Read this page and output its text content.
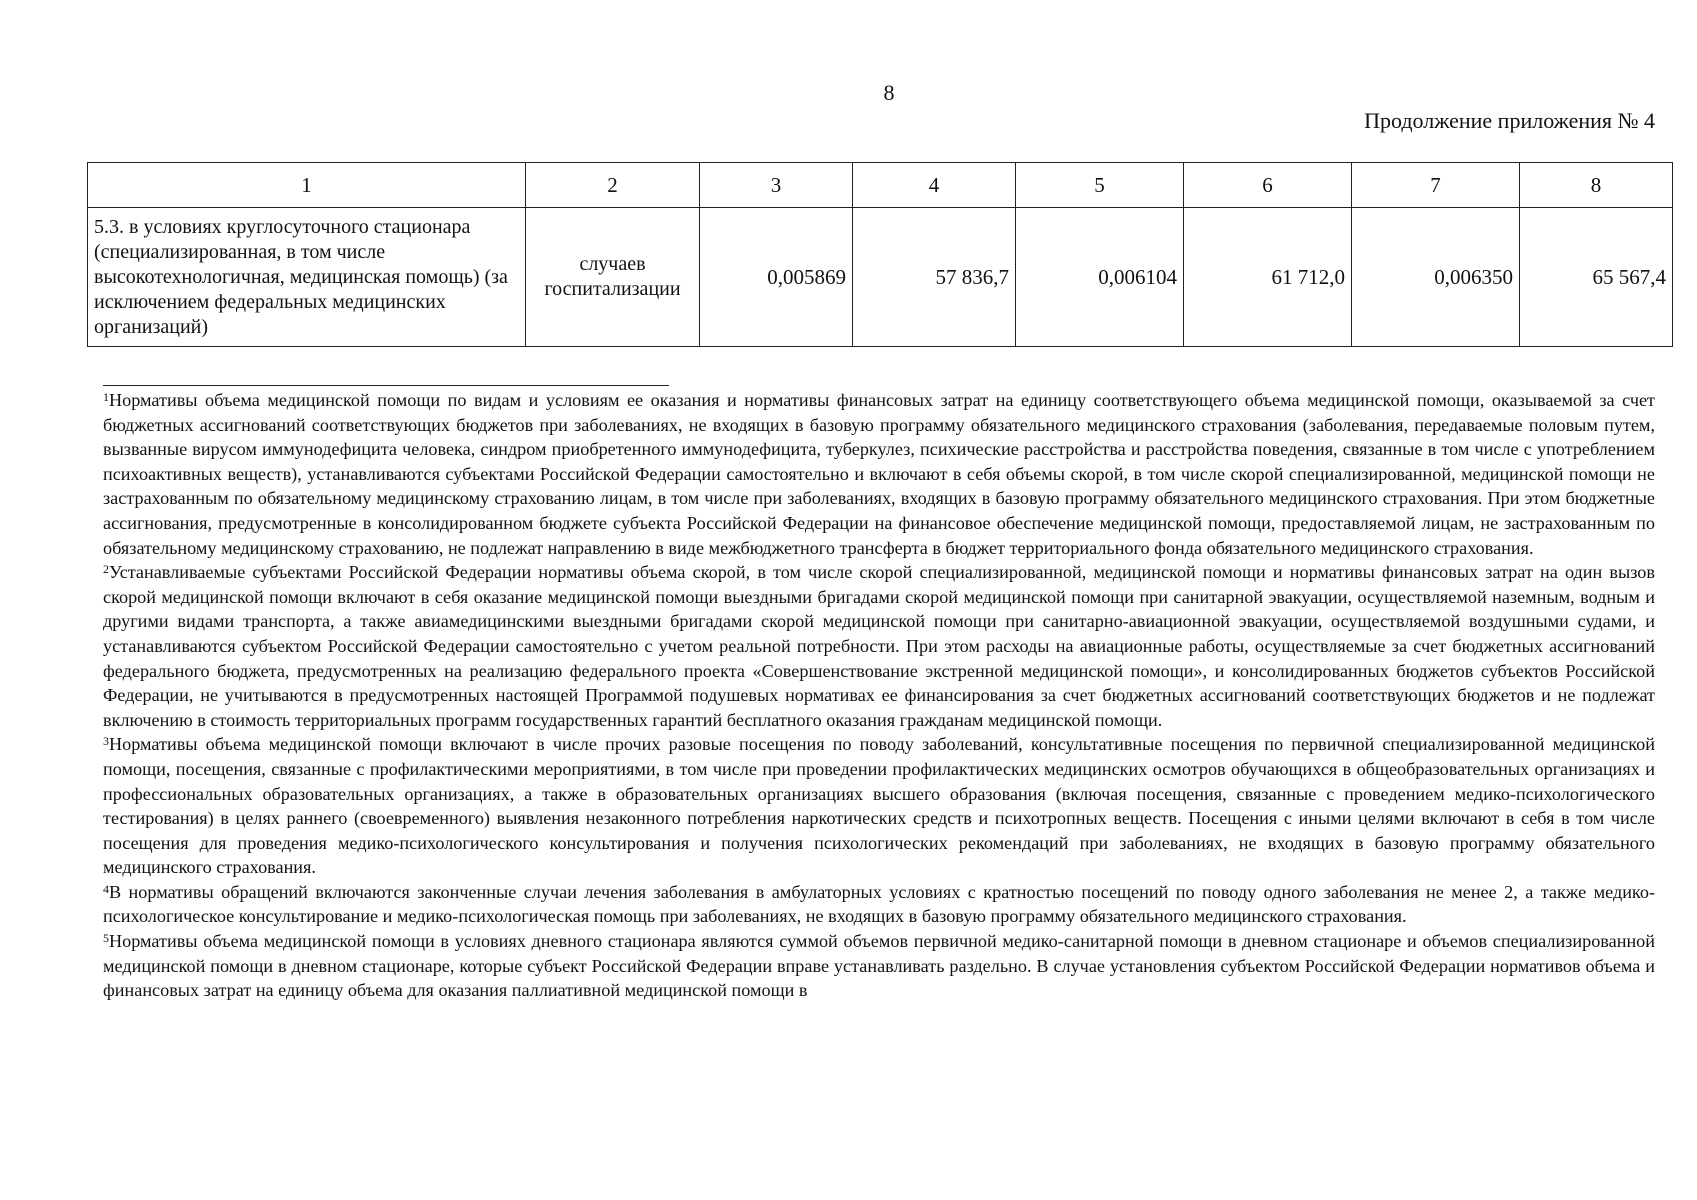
8
Продолжение приложения № 4
1	2	3	4	5	6	7	8
5.3. в условиях круглосуточного стационара (специализированная, в том числе высокотехнологичная, медицинская помощь) (за исключением федеральных медицинских организаций)	случаев госпитализации	0,005869	57 836,7	0,006104	61 712,0	0,006350	65 567,4

$^1$Нормативы объема медицинской помощи по видам и условиям ее оказания и нормативы финансовых затрат на единицу соответствующего объема медицинской помощи, оказываемой за счет бюджетных ассигнований соответствующих бюджетов при заболеваниях, не входящих в базовую программу обязательного медицинского страхования (заболевания, передаваемые половым путем, вызванные вирусом иммунодефицита человека, синдром приобретенного иммунодефицита, туберкулез, психические расстройства и расстройства поведения, связанные в том числе с употреблением психоактивных веществ), устанавливаются субъектами Российской Федерации самостоятельно и включают в себя объемы скорой, в том числе скорой специализированной, медицинской помощи не застрахованным по обязательному медицинскому страхованию лицам, в том числе при заболеваниях, входящих в базовую программу обязательного медицинского страхования. При этом бюджетные ассигнования, предусмотренные в консолидированном бюджете субъекта Российской Федерации на финансовое обеспечение медицинской помощи, предоставляемой лицам, не застрахованным по обязательному медицинскому страхованию, не подлежат направлению в виде межбюджетного трансферта в бюджет территориального фонда обязательного медицинского страхования.

$^2$Устанавливаемые субъектами Российской Федерации нормативы объема скорой, в том числе скорой специализированной, медицинской помощи и нормативы финансовых затрат на один вызов скорой медицинской помощи включают в себя оказание медицинской помощи выездными бригадами скорой медицинской помощи при санитарной эвакуации, осуществляемой наземным, водным и другими видами транспорта, а также авиамедицинскими выездными бригадами скорой медицинской помощи при санитарно-авиационной эвакуации, осуществляемой воздушными судами, и устанавливаются субъектом Российской Федерации самостоятельно с учетом реальной потребности. При этом расходы на авиационные работы, осуществляемые за счет бюджетных ассигнований федерального бюджета, предусмотренных на реализацию федерального проекта «Совершенствование экстренной медицинской помощи», и консолидированных бюджетов субъектов Российской Федерации, не учитываются в предусмотренных настоящей Программой подушевых нормативах ее финансирования за счет бюджетных ассигнований соответствующих бюджетов и не подлежат включению в стоимость территориальных программ государственных гарантий бесплатного оказания гражданам медицинской помощи.

$^3$Нормативы объема медицинской помощи включают в числе прочих разовые посещения по поводу заболеваний, консультативные посещения по первичной специализированной медицинской помощи, посещения, связанные с профилактическими мероприятиями, в том числе при проведении профилактических медицинских осмотров обучающихся в общеобразовательных организациях и профессиональных образовательных организациях, а также в образовательных организациях высшего образования (включая посещения, связанные с проведением медико-психологического тестирования) в целях раннего (своевременного) выявления незаконного потребления наркотических средств и психотропных веществ. Посещения с иными целями включают в себя в том числе посещения для проведения медико-психологического консультирования и получения психологических рекомендаций при заболеваниях, не входящих в базовую программу обязательного медицинского страхования.

$^4$В нормативы обращений включаются законченные случаи лечения заболевания в амбулаторных условиях с кратностью посещений по поводу одного заболевания не менее 2, а также медико-психологическое консультирование и медико-психологическая помощь при заболеваниях, не входящих в базовую программу обязательного медицинского страхования.

$^5$Нормативы объема медицинской помощи в условиях дневного стационара являются суммой объемов первичной медико-санитарной помощи в дневном стационаре и объемов специализированной медицинской помощи в дневном стационаре, которые субъект Российской Федерации вправе устанавливать раздельно. В случае установления субъектом Российской Федерации нормативов объема и финансовых затрат на единицу объема для оказания паллиативной медицинской помощи в
